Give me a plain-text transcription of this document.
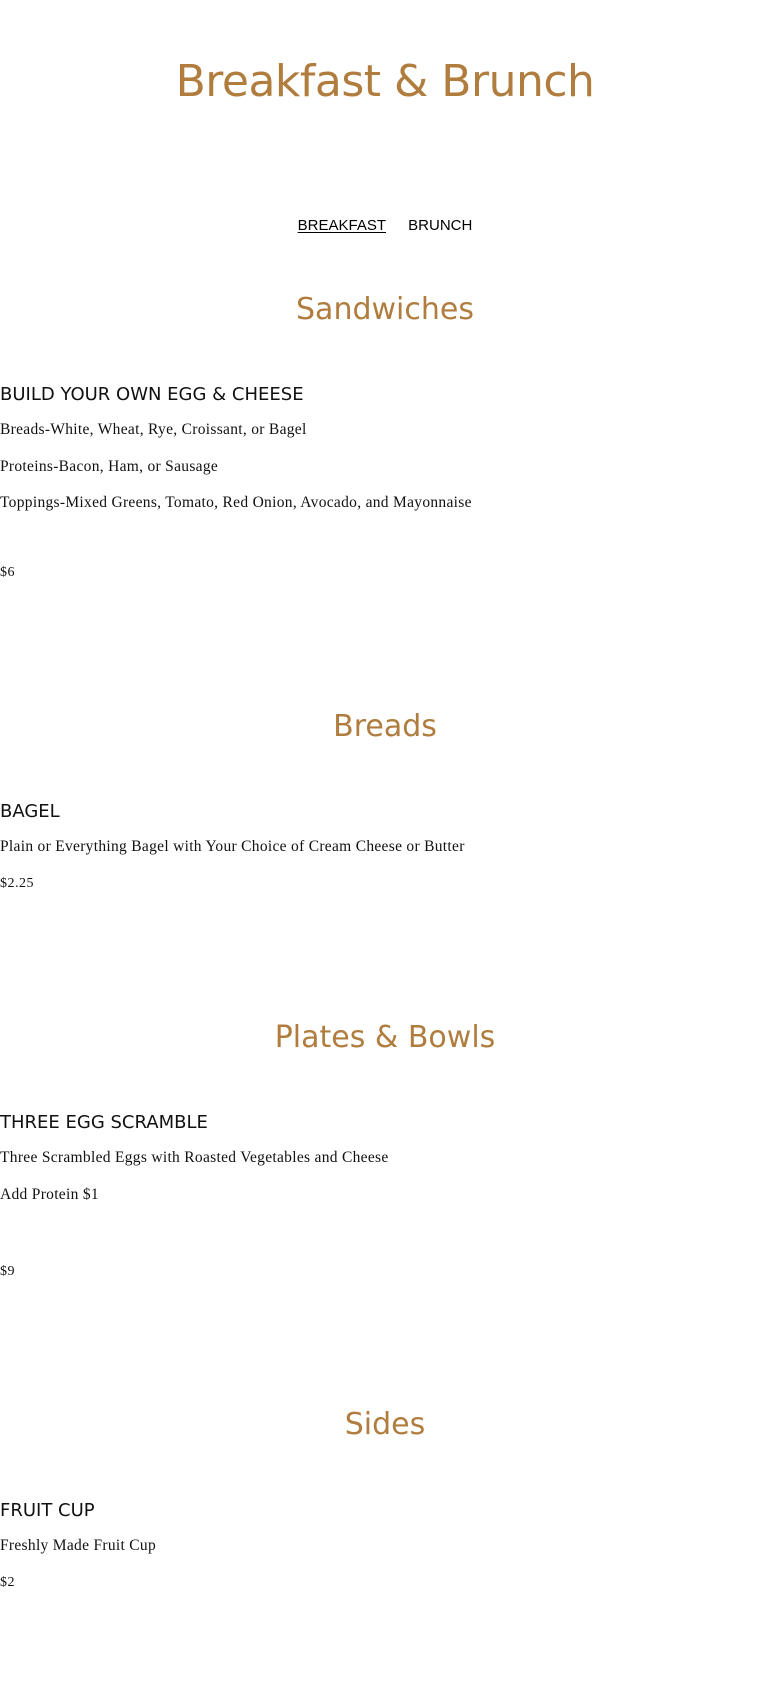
Breakfast & Brunch
BREAKFAST BRUNCH
Sandwiches
BUILD YOUR OWN EGG & CHEESE

Breads-White, Wheat, Rye, Croissant, or Bagel

Proteins-Bacon, Ham, or Sausage

Toppings-Mixed Greens, Tomato, Red Onion, Avocado, and Mayonnaise

$6

Breads
BAGEL

Plain or Everything Bagel with Your Choice of Cream Cheese or Butter

$2.25

Plates & Bowls
THREE EGG SCRAMBLE

Three Scrambled Eggs with Roasted Vegetables and Cheese

Add Protein $1

$9

Sides
FRUIT CUP

Freshly Made Fruit Cup

$2
